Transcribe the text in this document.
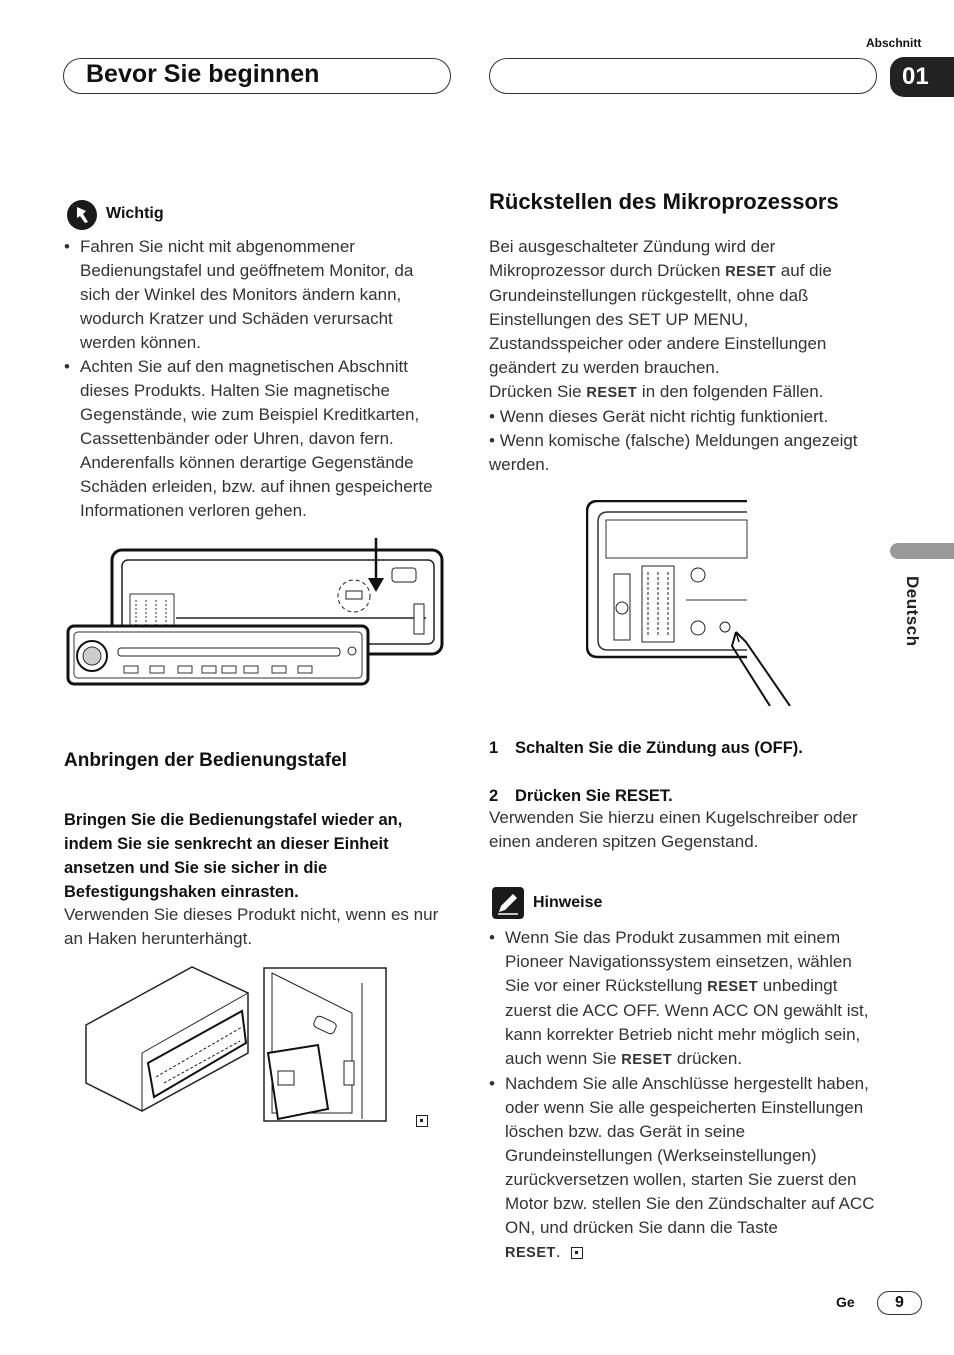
Bevor Sie beginnen
Abschnitt
01
Deutsch
Wichtig
• Fahren Sie nicht mit abgenommener Bedienungstafel und geöffnetem Monitor, da sich der Winkel des Monitors ändern kann, wodurch Kratzer und Schäden verursacht werden können.
• Achten Sie auf den magnetischen Abschnitt dieses Produkts. Halten Sie magnetische Gegenstände, wie zum Beispiel Kreditkarten, Cassettenbänder oder Uhren, davon fern. Anderenfalls können derartige Gegenstände Schäden erleiden, bzw. auf ihnen gespeicherte Informationen verloren gehen.
Anbringen der Bedienungstafel
Bringen Sie die Bedienungstafel wieder an, indem Sie sie senkrecht an dieser Einheit ansetzen und Sie sie sicher in die Befestigungshaken einrasten.
Verwenden Sie dieses Produkt nicht, wenn es nur an Haken herunterhängt.
Rückstellen des Mikroprozessors
Bei ausgeschalteter Zündung wird der Mikroprozessor durch Drücken RESET auf die Grundeinstellungen rückgestellt, ohne daß Einstellungen des SET UP MENU, Zustandsspeicher oder andere Einstellungen geändert zu werden brauchen.
Drücken Sie RESET in den folgenden Fällen.
• Wenn dieses Gerät nicht richtig funktioniert.
• Wenn komische (falsche) Meldungen angezeigt werden.
1 Schalten Sie die Zündung aus (OFF).
2 Drücken Sie RESET.
Verwenden Sie hierzu einen Kugelschreiber oder einen anderen spitzen Gegenstand.
Hinweise
• Wenn Sie das Produkt zusammen mit einem Pioneer Navigationssystem einsetzen, wählen Sie vor einer Rückstellung RESET unbedingt zuerst die ACC OFF. Wenn ACC ON gewählt ist, kann korrekter Betrieb nicht mehr möglich sein, auch wenn Sie RESET drücken.
• Nachdem Sie alle Anschlüsse hergestellt haben, oder wenn Sie alle gespeicherten Einstellungen löschen bzw. das Gerät in seine Grundeinstellungen (Werkseinstellungen) zurückversetzen wollen, starten Sie zuerst den Motor bzw. stellen Sie den Zündschalter auf ACC ON, und drücken Sie dann die Taste
RESET.
Ge	9
